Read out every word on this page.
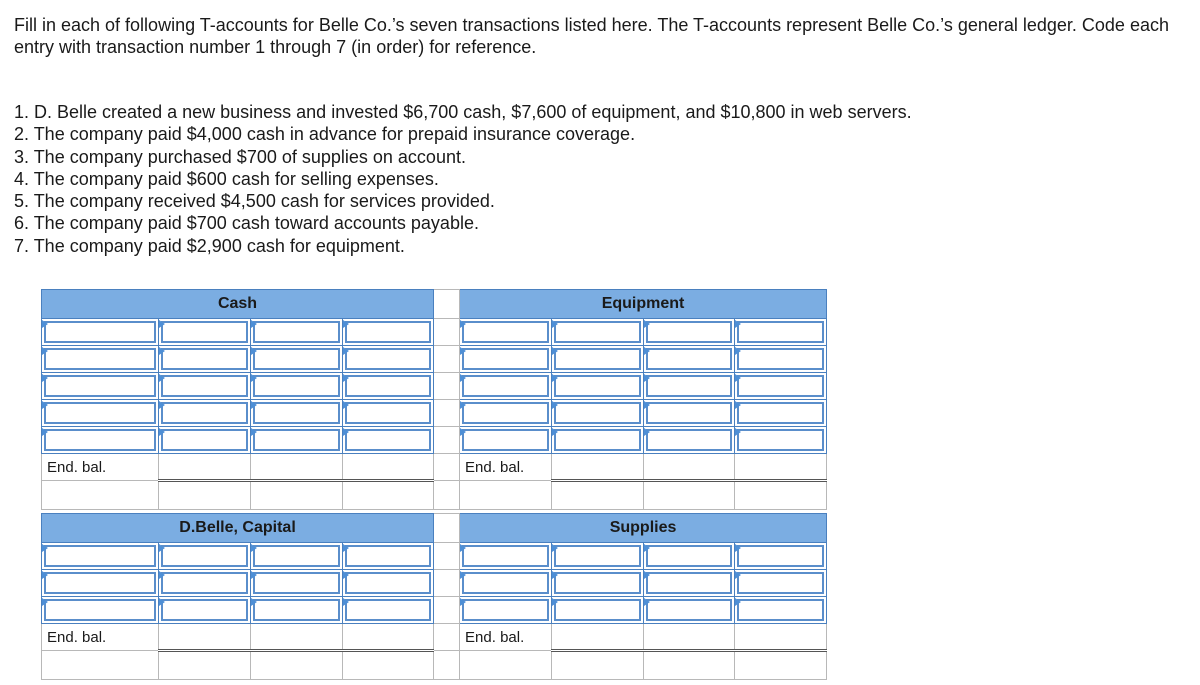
Fill in each of following T-accounts for Belle Co.’s seven transactions listed here. The T-accounts represent Belle Co.’s general ledger. Code each entry with transaction number 1 through 7 (in order) for reference.

1. D. Belle created a new business and invested $6,700 cash, $7,600 of equipment, and $10,800 in web servers.
2. The company paid $4,000 cash in advance for prepaid insurance coverage.
3. The company purchased $700 of supplies on account.
4. The company paid $600 cash for selling expenses.
5. The company received $4,500 cash for services provided.
6. The company paid $700 cash toward accounts payable.
7. The company paid $2,900 cash for equipment.
Cash					Equipment			

End. bal.					End. bal.			

D.Belle, Capital					Supplies			

End. bal.					End. bal.			
